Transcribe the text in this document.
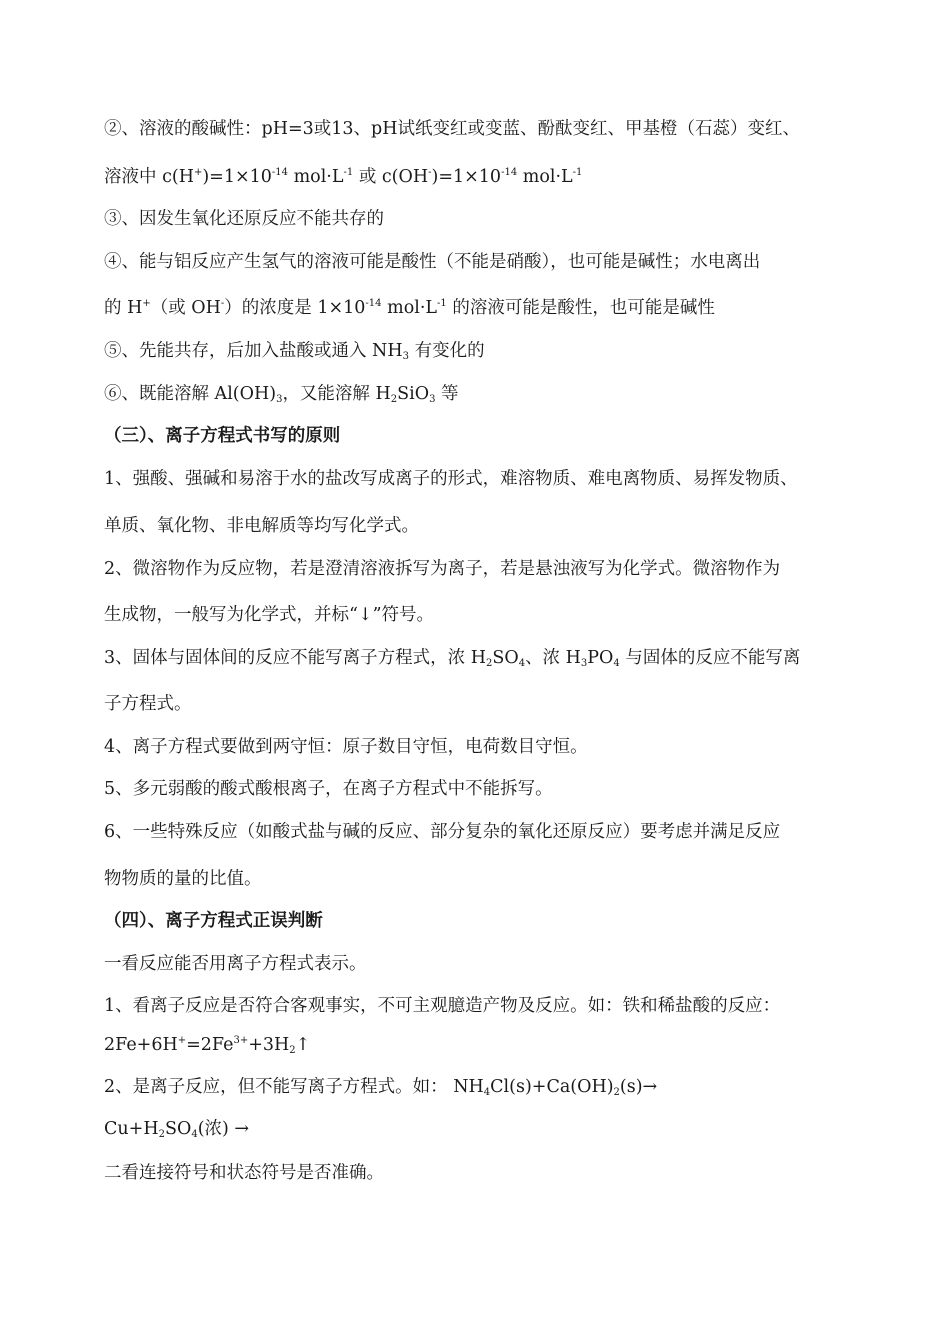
②、溶液的酸碱性：pH=3或13、pH试纸变红或变蓝、酚酞变红、甲基橙（石蕊）变红、
溶液中 $c(H^+)=1\times 10^{-14}$ $mol\cdot L^{-1}$ 或 $c(OH^-)=1\times 10^{-14}$ $mol\cdot L^{-1}$
③、因发生氧化还原反应不能共存的
④、能与铝反应产生氢气的溶液可能是酸性（不能是硝酸），也可能是碱性；水电离出
的 H+（或 OH-）的浓度是 $1\times 10^{-14}$ $mol\cdot L^{-1}$ 的溶液可能是酸性，也可能是碱性
⑤、先能共存，后加入盐酸或通入 $NH_3$ 有变化的
⑥、既能溶解 $Al(OH)_3$，又能溶解 $H_2SiO_3$ 等
（三）、离子方程式书写的原则
1、强酸、强碱和易溶于水的盐改写成离子的形式，难溶物质、难电离物质、易挥发物质、
单质、氧化物、非电解质等均写化学式。
2、微溶物作为反应物，若是澄清溶液拆写为离子，若是悬浊液写为化学式。微溶物作为
生成物，一般写为化学式，并标“↓”符号。
3、固体与固体间的反应不能写离子方程式，浓 $H_2SO_4$、浓 $H_3PO_4$ 与固体的反应不能写离
子方程式。
4、离子方程式要做到两守恒：原子数目守恒，电荷数目守恒。
5、多元弱酸的酸式酸根离子，在离子方程式中不能拆写。
6、一些特殊反应（如酸式盐与碱的反应、部分复杂的氧化还原反应）要考虑并满足反应
物物质的量的比值。
（四）、离子方程式正误判断
一看反应能否用离子方程式表示。
1、看离子反应是否符合客观事实，不可主观臆造产物及反应。如：铁和稀盐酸的反应：
$2Fe+6H^+=2Fe^{3+}+3H_2↑$
2、是离子反应，但不能写离子方程式。如： $NH_4Cl(s)+Ca(OH)_2(s)\to$
$Cu+H_2SO_4$(浓) →
二看连接符号和状态符号是否准确。
